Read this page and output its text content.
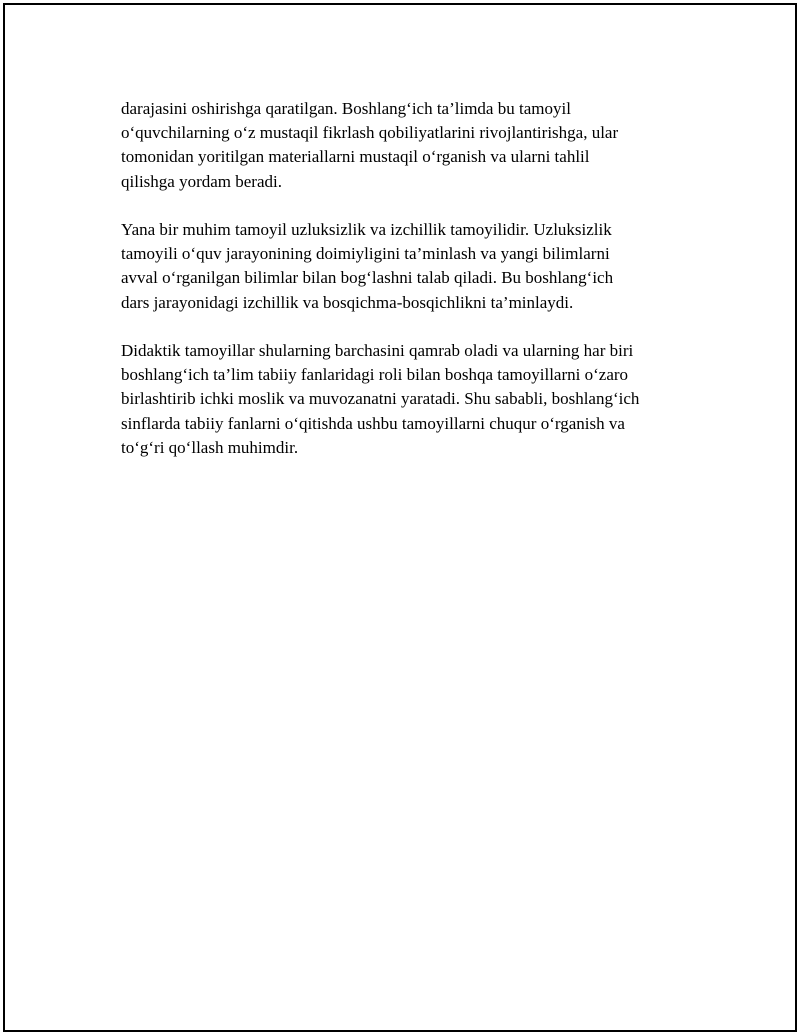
darajasini oshirishga qaratilgan. Boshlang‘ich ta’limda bu tamoyil
o‘quvchilarning o‘z mustaqil fikrlash qobiliyatlarini rivojlantirishga, ular
tomonidan yoritilgan materiallarni mustaqil o‘rganish va ularni tahlil
qilishga yordam beradi.

Yana bir muhim tamoyil uzluksizlik va izchillik tamoyilidir. Uzluksizlik
tamoyili o‘quv jarayonining doimiyligini ta’minlash va yangi bilimlarni
avval o‘rganilgan bilimlar bilan bog‘lashni talab qiladi. Bu boshlang‘ich
dars jarayonidagi izchillik va bosqichma-bosqichlikni ta’minlaydi.

Didaktik tamoyillar shularning barchasini qamrab oladi va ularning har biri
boshlang‘ich ta’lim tabiiy fanlaridagi roli bilan boshqa tamoyillarni o‘zaro
birlashtirib ichki moslik va muvozanatni yaratadi. Shu sababli, boshlang‘ich
sinflarda tabiiy fanlarni o‘qitishda ushbu tamoyillarni chuqur o‘rganish va
to‘g‘ri qo‘llash muhimdir.
